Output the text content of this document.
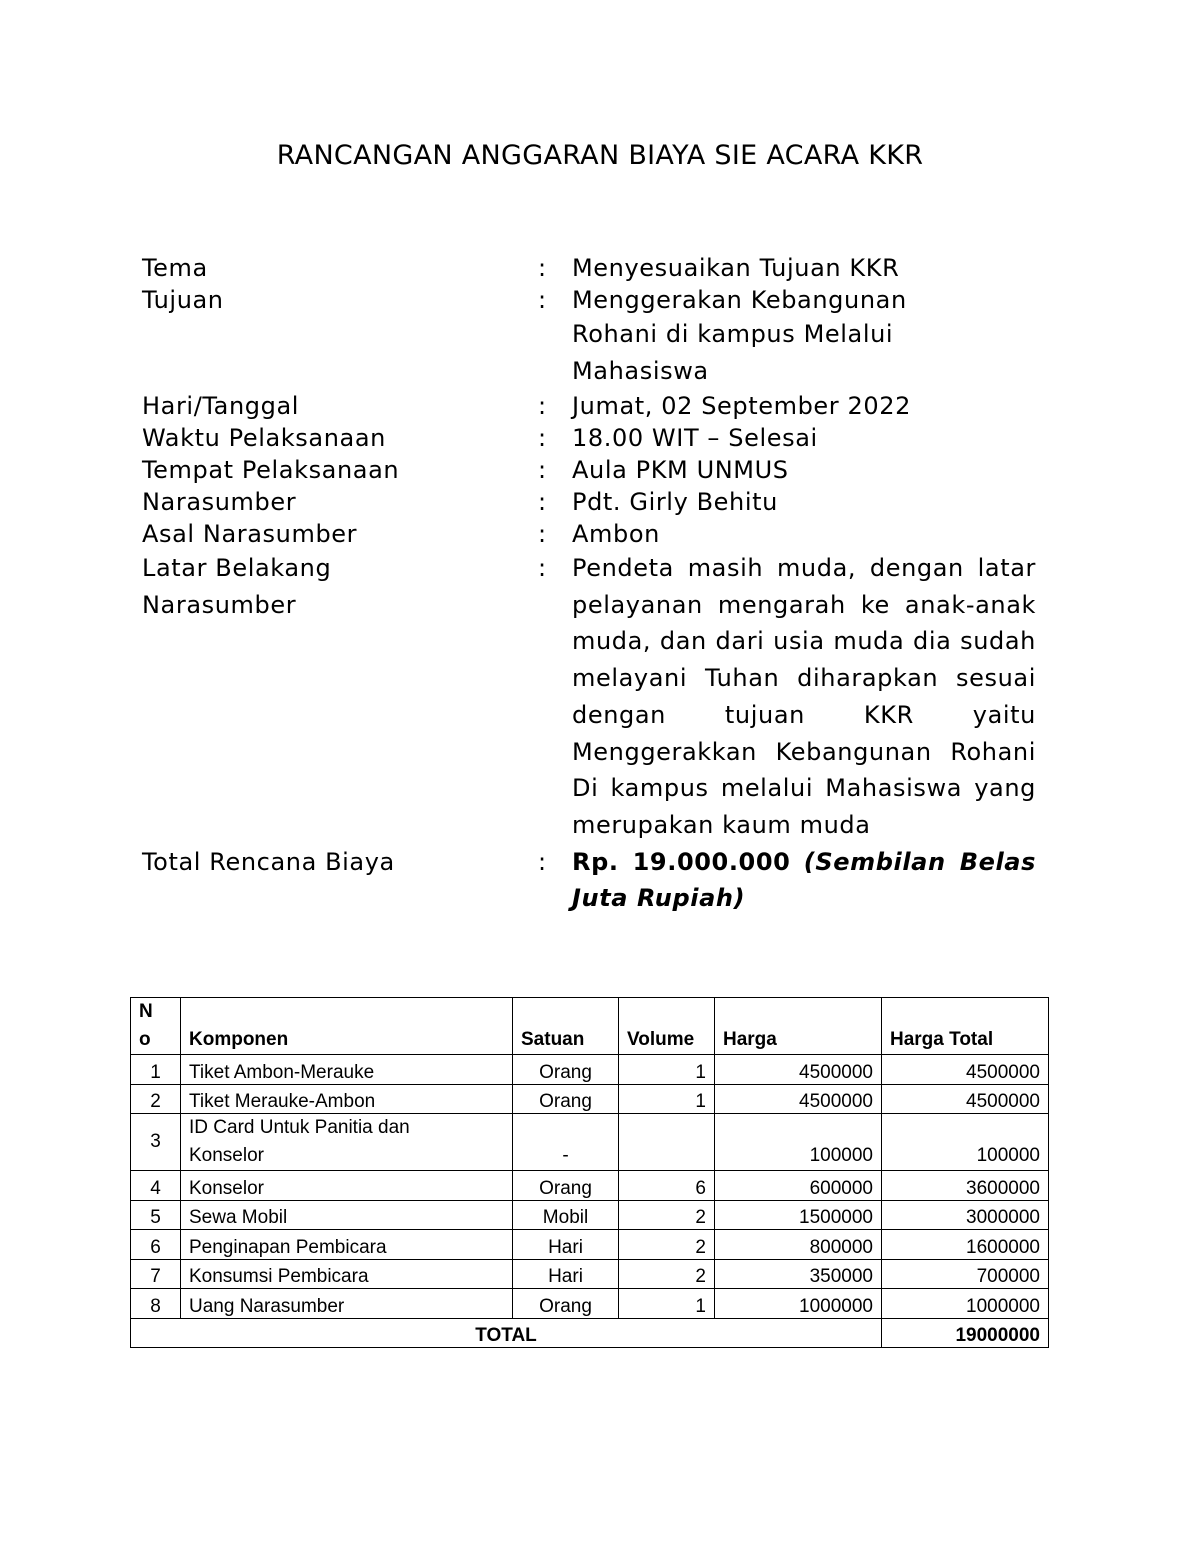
RANCANGAN ANGGARAN BIAYA SIE ACARA KKR
Tema	:	Menyesuaikan Tujuan KKR
Tujuan	:	Menggerakan Kebangunan
Rohani di kampus Melalui
Mahasiswa
Hari/Tanggal	:	Jumat, 02 September 2022
Waktu Pelaksanaan	:	18.00 WIT – Selesai
Tempat Pelaksanaan	:	Aula PKM UNMUS
Narasumber	:	Pdt. Girly Behitu
Asal Narasumber	:	Ambon
Latar Belakang
Narasumber
:	Pendeta masih muda, dengan latar pelayanan mengarah ke anak-anak muda, dan dari usia muda dia sudah melayani Tuhan diharapkan sesuai dengan tujuan KKR yaitu Menggerakkan Kebangunan Rohani Di kampus melalui Mahasiswa yang merupakan kaum muda
Total Rencana Biaya	:	Rp. 19.000.000 (Sembilan Belas Juta Rupiah)
N
o	Komponen	Satuan	Volume	Harga	Harga Total
1	Tiket Ambon-Merauke	Orang	1	4500000	4500000
2	Tiket Merauke-Ambon	Orang	1	4500000	4500000
3	ID Card Untuk Panitia dan
Konselor	-		100000	100000
4	Konselor	Orang	6	600000	3600000
5	Sewa Mobil	Mobil	2	1500000	3000000
6	Penginapan Pembicara	Hari	2	800000	1600000
7	Konsumsi Pembicara	Hari	2	350000	700000
8	Uang Narasumber	Orang	1	1000000	1000000
TOTAL					19000000
